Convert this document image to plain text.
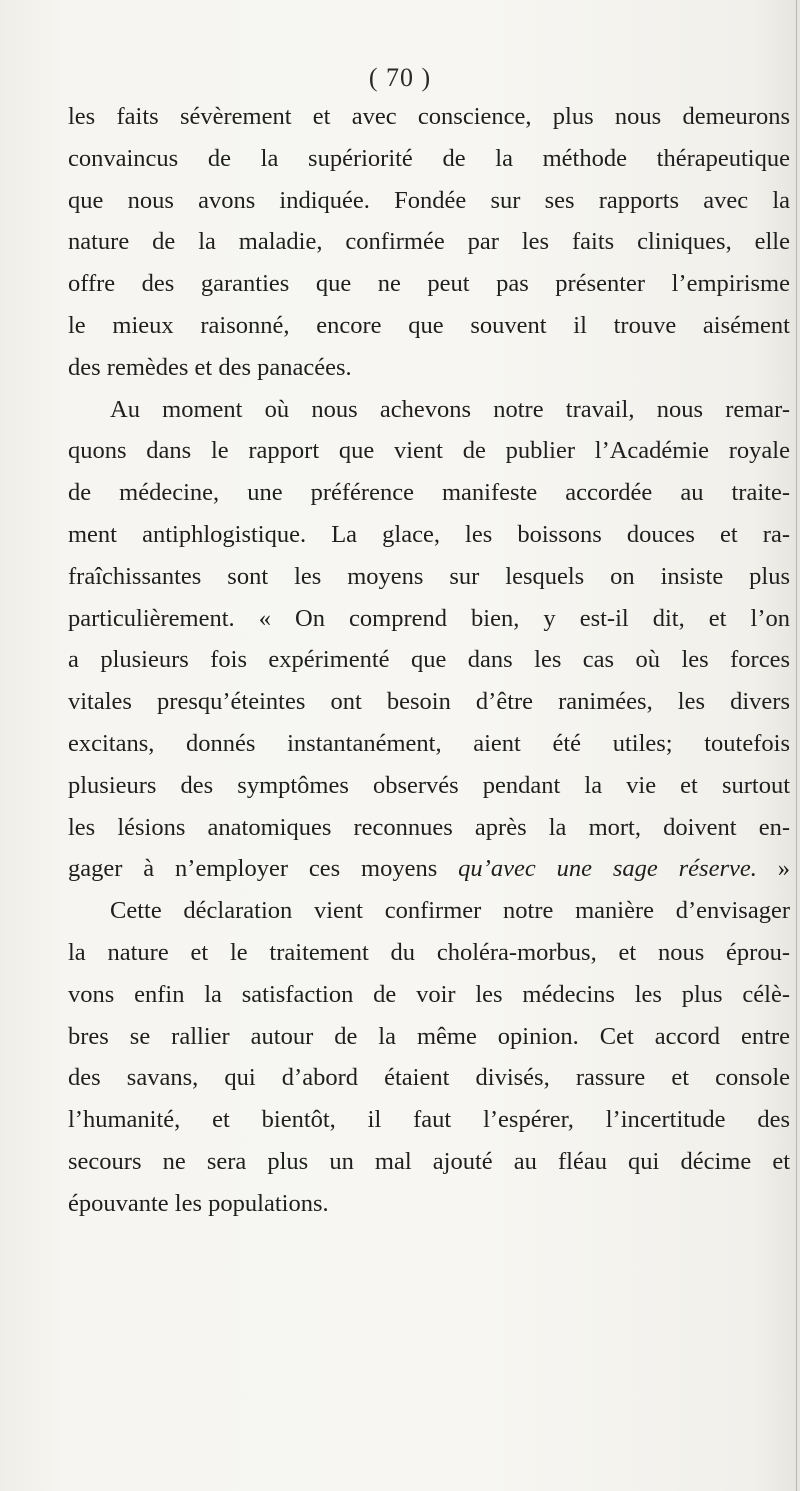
( 70 )
les faits sévèrement et avec conscience, plus nous demeurons
convaincus de la supériorité de la méthode thérapeutique
que nous avons indiquée. Fondée sur ses rapports avec la
nature de la maladie, confirmée par les faits cliniques, elle
offre des garanties que ne peut pas présenter l’empirisme
le mieux raisonné, encore que souvent il trouve aisément
des remèdes et des panacées.
Au moment où nous achevons notre travail, nous remar-
quons dans le rapport que vient de publier l’Académie royale
de médecine, une préférence manifeste accordée au traite-
ment antiphlogistique. La glace, les boissons douces et ra-
fraîchissantes sont les moyens sur lesquels on insiste plus
particulièrement. « On comprend bien, y est-il dit, et l’on
a plusieurs fois expérimenté que dans les cas où les forces
vitales presqu’éteintes ont besoin d’être ranimées, les divers
excitans, donnés instantanément, aient été utiles; toutefois
plusieurs des symptômes observés pendant la vie et surtout
les lésions anatomiques reconnues après la mort, doivent en-
gager à n’employer ces moyens qu’avec une sage réserve. »
Cette déclaration vient confirmer notre manière d’envisager
la nature et le traitement du choléra-morbus, et nous éprou-
vons enfin la satisfaction de voir les médecins les plus célè-
bres se rallier autour de la même opinion. Cet accord entre
des savans, qui d’abord étaient divisés, rassure et console
l’humanité, et bientôt, il faut l’espérer, l’incertitude des
secours ne sera plus un mal ajouté au fléau qui décime et
épouvante les populations.
